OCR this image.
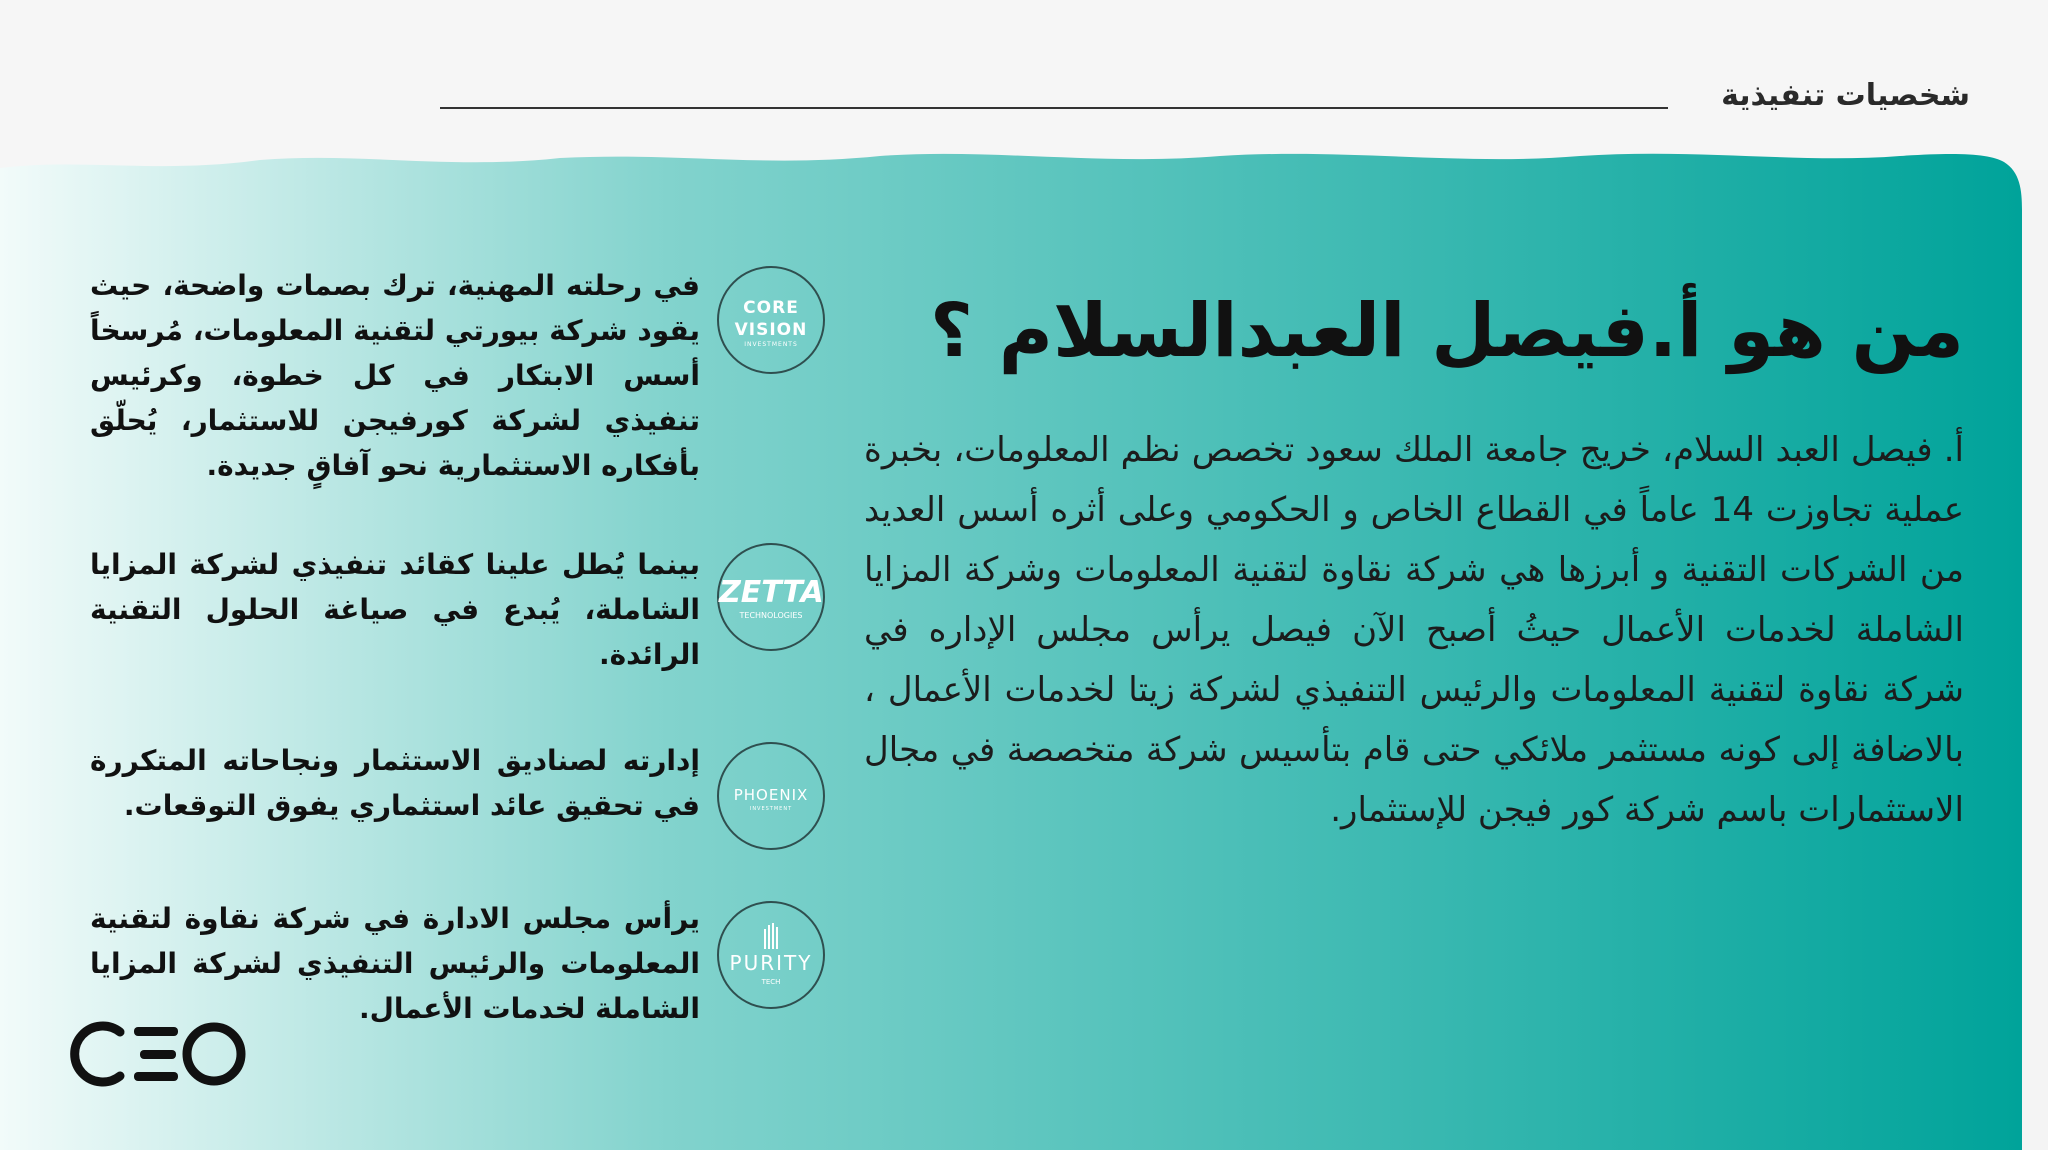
شخصيات تنفيذية
من هو أ.فيصل العبدالسلام ؟

أ. فيصل العبد السلام، خريج جامعة الملك سعود تخصص نظم المعلومات، بخبرة عملية تجاوزت 14 عاماً في القطاع الخاص و الحكومي وعلى أثره أسس العديد من الشركات التقنية و أبرزها هي شركة نقاوة لتقنية المعلومات وشركة المزايا الشاملة لخدمات الأعمال حيثُ أصبح الآن فيصل يرأس مجلس الإداره في شركة نقاوة لتقنية المعلومات والرئيس التنفيذي لشركة زيتا لخدمات الأعمال ، بالاضافة إلى كونه مستثمر ملائكي حتى قام بتأسيس شركة متخصصة في مجال الاستثمارات باسم شركة كور فيجن للإستثمار.

في رحلته المهنية، ترك بصمات واضحة، حيث يقود شركة بيورتي لتقنية المعلومات، مُرسخاً أسس الابتكار في كل خطوة، وكرئيس تنفيذي لشركة كورفيجن للاستثمار، يُحلّق بأفكاره الاستثمارية نحو آفاقٍ جديدة.

CORE
VISION
INVESTMENTS

بينما يُطل علينا كقائد تنفيذي لشركة المزايا الشاملة، يُبدع في صياغة الحلول التقنية الرائدة.

ZETTA
TECHNOLOGIES

إدارته لصناديق الاستثمار ونجاحاته المتكررة في تحقيق عائد استثماري يفوق التوقعات.	PHOENIX
INVESTMENT

يرأس مجلس الادارة في شركة نقاوة لتقنية المعلومات والرئيس التنفيذي لشركة المزايا الشاملة لخدمات الأعمال.

PURITY
TECH
